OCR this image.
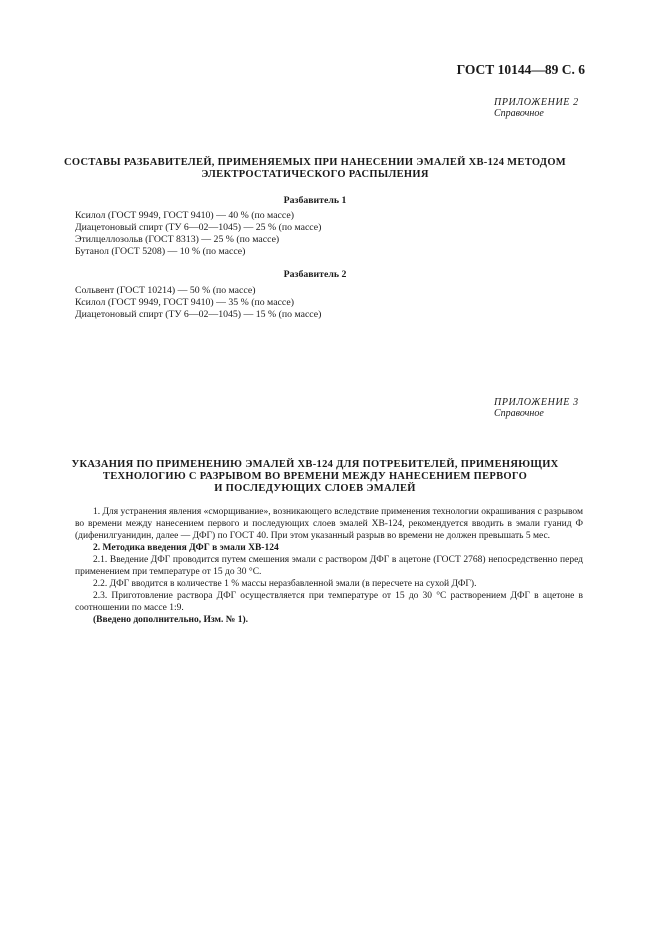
ГОСТ 10144—89 С. 6
ПРИЛОЖЕНИЕ 2
Справочное
СОСТАВЫ РАЗБАВИТЕЛЕЙ, ПРИМЕНЯЕМЫХ ПРИ НАНЕСЕНИИ ЭМАЛЕЙ ХВ-124 МЕТОДОМ
ЭЛЕКТРОСТАТИЧЕСКОГО РАСПЫЛЕНИЯ
Разбавитель 1
Ксилол (ГОСТ 9949, ГОСТ 9410) — 40 % (по массе)
Диацетоновый спирт (ТУ 6—02—1045) — 25 % (по массе)
Этилцеллозольв (ГОСТ 8313) — 25 % (по массе)
Бутанол (ГОСТ 5208) — 10 % (по массе)
Разбавитель 2
Сольвент (ГОСТ 10214) — 50 % (по массе)
Ксилол (ГОСТ 9949, ГОСТ 9410) — 35 % (по массе)
Диацетоновый спирт (ТУ 6—02—1045) — 15 % (по массе)
ПРИЛОЖЕНИЕ 3
Справочное
УКАЗАНИЯ ПО ПРИМЕНЕНИЮ ЭМАЛЕЙ ХВ-124 ДЛЯ ПОТРЕБИТЕЛЕЙ, ПРИМЕНЯЮЩИХ
ТЕХНОЛОГИЮ С РАЗРЫВОМ ВО ВРЕМЕНИ МЕЖДУ НАНЕСЕНИЕМ ПЕРВОГО
И ПОСЛЕДУЮЩИХ СЛОЕВ ЭМАЛЕЙ

1. Для устранения явления «сморщивание», возникающего вследствие применения технологии окрашивания с разрывом во времени между нанесением первого и последующих слоев эмалей ХВ-124, рекомендуется вводить в эмали гуанид Ф (дифенилгуанидин, далее — ДФГ) по ГОСТ 40. При этом указанный разрыв во времени не должен превышать 5 мес.

2. Методика введения ДФГ в эмали ХВ-124

2.1. Введение ДФГ проводится путем смешения эмали с раствором ДФГ в ацетоне (ГОСТ 2768) непосредственно перед применением при температуре от 15 до 30 °С.

2.2. ДФГ вводится в количестве 1 % массы неразбавленной эмали (в пересчете на сухой ДФГ).

2.3. Приготовление раствора ДФГ осуществляется при температуре от 15 до 30 °С растворением ДФГ в ацетоне в соотношении по массе 1:9.

(Введено дополнительно, Изм. № 1).
